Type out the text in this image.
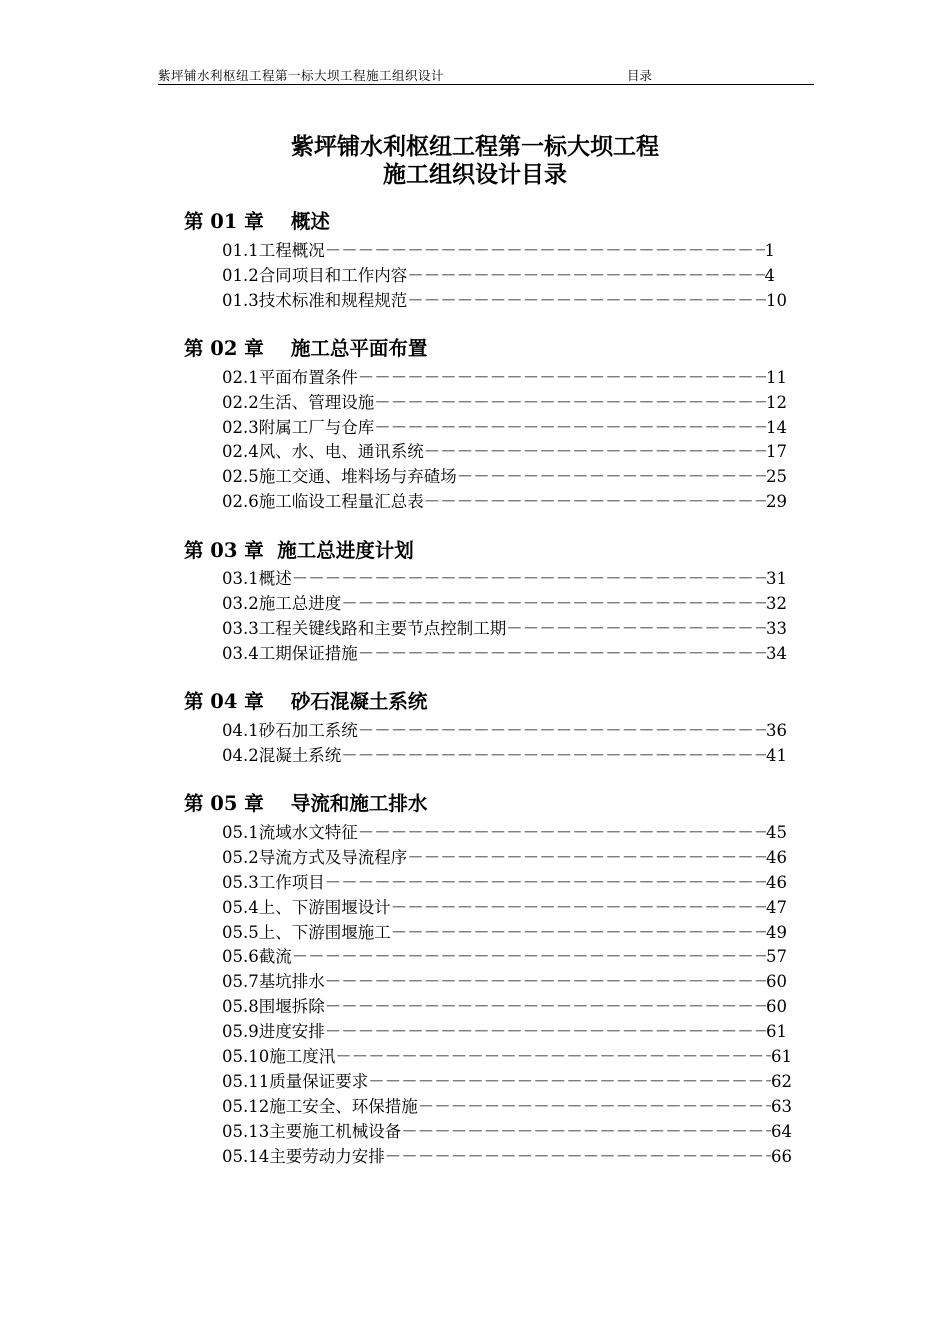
紫坪铺水利枢纽工程第一标大坝工程施工组织设计	目录
紫坪铺水利枢纽工程第一标大坝工程
施工组织设计目录
第 01 章    概述
01.1 工程概况 －－－－－－－－－－－－－－－－－－－－－－－－－－－－－－－－－－－－－－－－	1
01.2 合同项目和工作内容 －－－－－－－－－－－－－－－－－－－－－－－－－－－－－－－－－－－－－－－－	4
01.3 技术标准和规程规范 －－－－－－－－－－－－－－－－－－－－－－－－－－－－－－－－－－－－－－－－	10
第 02 章    施工总平面布置
02.1 平面布置条件 －－－－－－－－－－－－－－－－－－－－－－－－－－－－－－－－－－－－－－－－	11
02.2 生活、管理设施 －－－－－－－－－－－－－－－－－－－－－－－－－－－－－－－－－－－－－－－－	12
02.3 附属工厂与仓库 －－－－－－－－－－－－－－－－－－－－－－－－－－－－－－－－－－－－－－－－	14
02.4 风、水、电、通讯系统 －－－－－－－－－－－－－－－－－－－－－－－－－－－－－－－－－－－－－－－－	17
02.5 施工交通、堆料场与弃碴场 －－－－－－－－－－－－－－－－－－－－－－－－－－－－－－－－－－－－－－－－	25
02.6 施工临设工程量汇总表 －－－－－－－－－－－－－－－－－－－－－－－－－－－－－－－－－－－－－－－－	29
第 03 章  施工总进度计划
03.1 概述 －－－－－－－－－－－－－－－－－－－－－－－－－－－－－－－－－－－－－－－－	31
03.2 施工总进度 －－－－－－－－－－－－－－－－－－－－－－－－－－－－－－－－－－－－－－－－	32
03.3 工程关键线路和主要节点控制工期 －－－－－－－－－－－－－－－－－－－－－－－－－－－－－－－－－－－－－－－－	33
03.4 工期保证措施 －－－－－－－－－－－－－－－－－－－－－－－－－－－－－－－－－－－－－－－－	34
第 04 章    砂石混凝土系统
04.1 砂石加工系统 －－－－－－－－－－－－－－－－－－－－－－－－－－－－－－－－－－－－－－－－	36
04.2 混凝土系统 －－－－－－－－－－－－－－－－－－－－－－－－－－－－－－－－－－－－－－－－	41
第 05 章    导流和施工排水
05.1 流域水文特征 －－－－－－－－－－－－－－－－－－－－－－－－－－－－－－－－－－－－－－－－	45
05.2 导流方式及导流程序 －－－－－－－－－－－－－－－－－－－－－－－－－－－－－－－－－－－－－－－－	46
05.3 工作项目 －－－－－－－－－－－－－－－－－－－－－－－－－－－－－－－－－－－－－－－－	46
05.4 上、下游围堰设计 －－－－－－－－－－－－－－－－－－－－－－－－－－－－－－－－－－－－－－－－	47
05.5 上、下游围堰施工 －－－－－－－－－－－－－－－－－－－－－－－－－－－－－－－－－－－－－－－－	49
05.6 截流 －－－－－－－－－－－－－－－－－－－－－－－－－－－－－－－－－－－－－－－－	57
05.7 基坑排水 －－－－－－－－－－－－－－－－－－－－－－－－－－－－－－－－－－－－－－－－	60
05.8 围堰拆除 －－－－－－－－－－－－－－－－－－－－－－－－－－－－－－－－－－－－－－－－	60
05.9 进度安排 －－－－－－－－－－－－－－－－－－－－－－－－－－－－－－－－－－－－－－－－	61
05.10 施工度汛 －－－－－－－－－－－－－－－－－－－－－－－－－－－－－－－－－－－－－－－－	61
05.11 质量保证要求 －－－－－－－－－－－－－－－－－－－－－－－－－－－－－－－－－－－－－－－－	62
05.12 施工安全、环保措施 －－－－－－－－－－－－－－－－－－－－－－－－－－－－－－－－－－－－－－－－	63
05.13 主要施工机械设备 －－－－－－－－－－－－－－－－－－－－－－－－－－－－－－－－－－－－－－－－	64
05.14 主要劳动力安排 －－－－－－－－－－－－－－－－－－－－－－－－－－－－－－－－－－－－－－－－	66
